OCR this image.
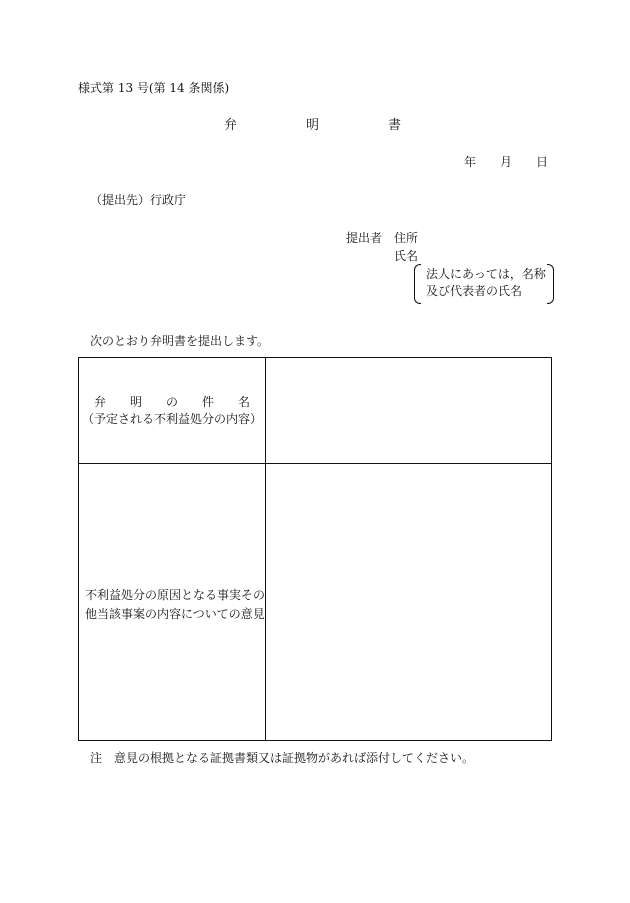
様式第 13 号(第 14 条関係)
弁	明	書
年 月 日
（提出先）行政庁
提出者 住所
氏名
法人にあっては，名称
及び代表者の氏名
次のとおり弁明書を提出します。
弁 明 の 件 名
（予定される不利益処分の内容）
不利益処分の原因となる事実その
他当該事案の内容についての意見
注　意見の根拠となる証拠書類又は証拠物があれば添付してください。
